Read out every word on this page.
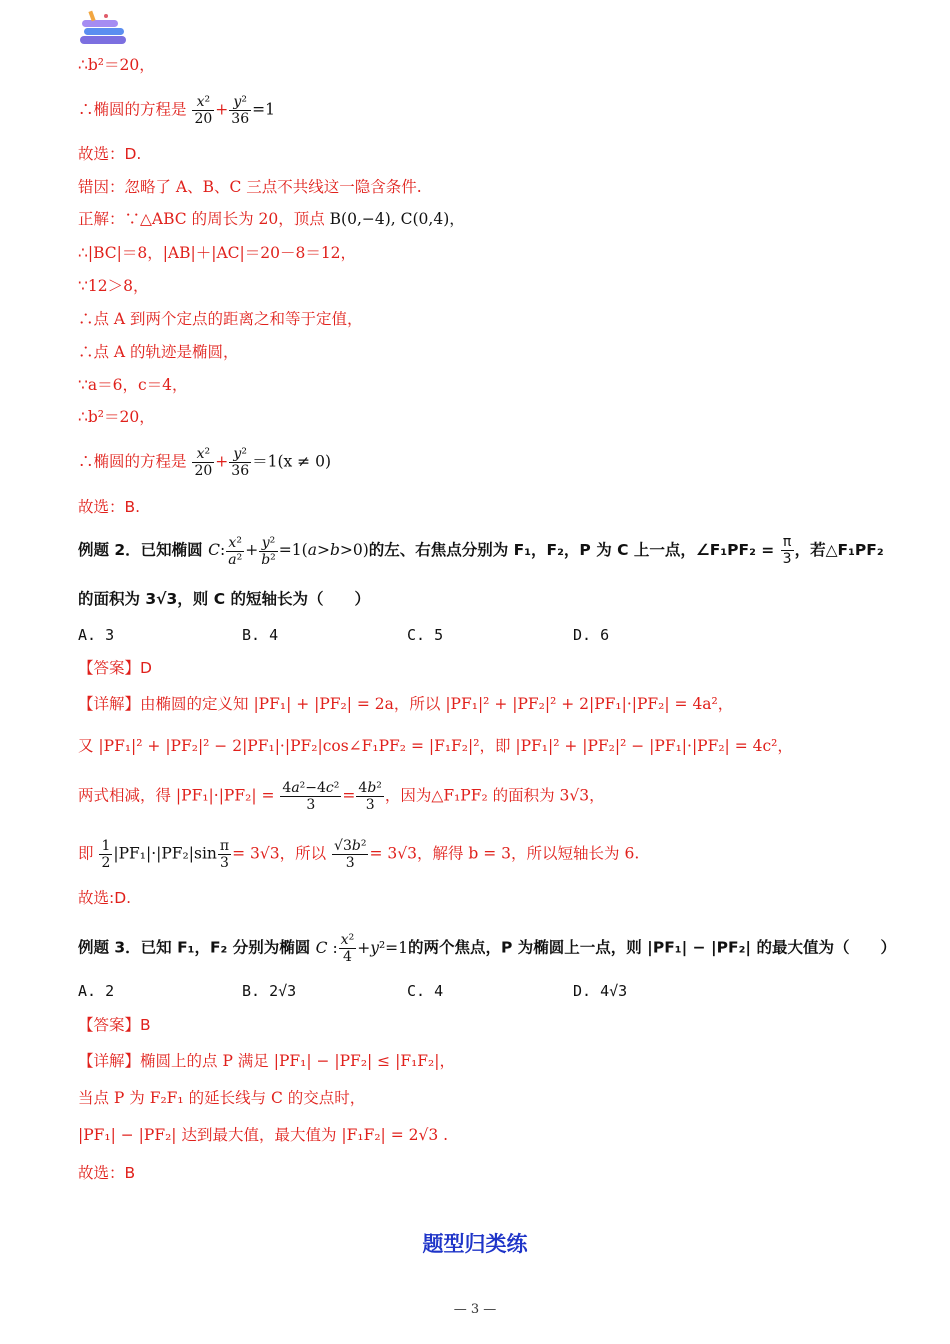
∴b²＝20，
∴椭圆的方程是 $\frac{\text{x²}}{20} + \frac{\text{y²}}{36} =1$
故选：D.
错因：忽略了 A、B、C 三点不共线这一隐含条件.
正解：∵△ABC 的周长为 20，顶点 B(0,−4), C(0,4)，
∴|BC|＝8，|AB|＋|AC|＝20－8＝12，
∵12＞8，
∴点 A 到两个定点的距离之和等于定值，
∴点 A 的轨迹是椭圆，
∵a＝6，c＝4，
∴b²＝20，
∴椭圆的方程是 $\frac{\text{x²}}{20} + \frac{\text{y²}}{36} =1(x \ne 0)$
故选：B.
例题 2．已知椭圆 C: $\frac{\text{x²}}{\text{a²}} + \frac{\text{y²}}{\text{b²}} =1(a>b>0)$的左、右焦点分别为 F₁，F₂，P 为 C 上一点，∠F₁PF₂ = $\frac{\pi}{3}$ ，若△F₁PF₂
的面积为 3√3，则 C 的短轴长为（　　）
A. 3	B. 4	C. 5	D. 6
【答案】D
【详解】由椭圆的定义知 |PF₁| + |PF₂| = 2a，所以 |PF₁|² + |PF₂|² + 2|PF₁|·|PF₂| = 4a²，
又 |PF₁|² + |PF₂|² − 2|PF₁|·|PF₂|cos∠F₁PF₂ = |F₁F₂|²，即 |PF₁|² + |PF₂|² − |PF₁|·|PF₂| = 4c²，
两式相减，得 $|PF_1|\cdot|PF_2| = \frac{\text{4a²−4c²}}{3} = \frac{\text{4b²}}{3}$ ，因为△F₁PF₂ 的面积为 3√3，
即 $\frac{1}{2} |PF_1|\cdot|PF_2|\sin \frac{\pi}{3} = 3√3$，所以 $\frac{\text{√3b²}}{3} = 3√3$，解得 b = 3，所以短轴长为 6.
故选:D.
例题 3．已知 F₁，F₂ 分别为椭圆 C : $\frac{\text{x²}}{4} +y^2=1$的两个焦点，P 为椭圆上一点，则 |PF₁| − |PF₂| 的最大值为（　　）
A. 2	B. 2√3	C. 4	D. 4√3
【答案】B
【详解】椭圆上的点 P 满足 |PF₁| − |PF₂| ≤ |F₁F₂|，
当点 P 为 F₂F₁ 的延长线与 C 的交点时，
|PF₁| − |PF₂| 达到最大值，最大值为 |F₁F₂| = 2√3 .
故选：B
题型归类练
— 3 —
